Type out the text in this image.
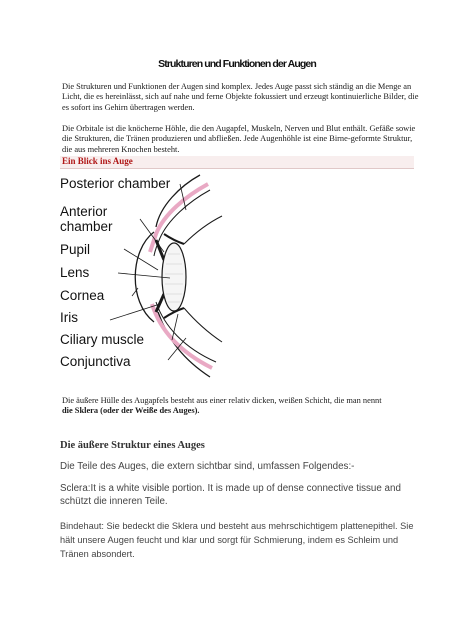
Strukturen und Funktionen der Augen
Die Strukturen und Funktionen der Augen sind komplex. Jedes Auge passt sich ständig an die Menge an Licht, die es hereinlässt, sich auf nahe und ferne Objekte fokussiert und erzeugt kontinuierliche Bilder, die es sofort ins Gehirn übertragen werden.
Die Orbitale ist die knöcherne Höhle, die den Augapfel, Muskeln, Nerven und Blut enthält. Gefäße sowie die Strukturen, die Tränen produzieren und abfließen. Jede Augenhöhle ist eine Birne-geformte Struktur, die aus mehreren Knochen besteht.
Ein Blick ins Auge
Posterior chamber
Anterior
chamber
Pupil
Lens
Cornea
Iris
Ciliary muscle
Conjunctiva
Die äußere Hülle des Augapfels besteht aus einer relativ dicken, weißen Schicht, die man nennt
die Sklera (oder der Weiße des Auges).
Die äußere Struktur eines Auges
Die Teile des Auges, die extern sichtbar sind, umfassen Folgendes:-
Sclera:It is a white visible portion. It is made up of dense connective tissue and schützt die inneren Teile.
Bindehaut: Sie bedeckt die Sklera und besteht aus mehrschichtigem plattenepithel. Sie hält unsere Augen feucht und klar und sorgt für Schmierung, indem es Schleim und Tränen absondert.
